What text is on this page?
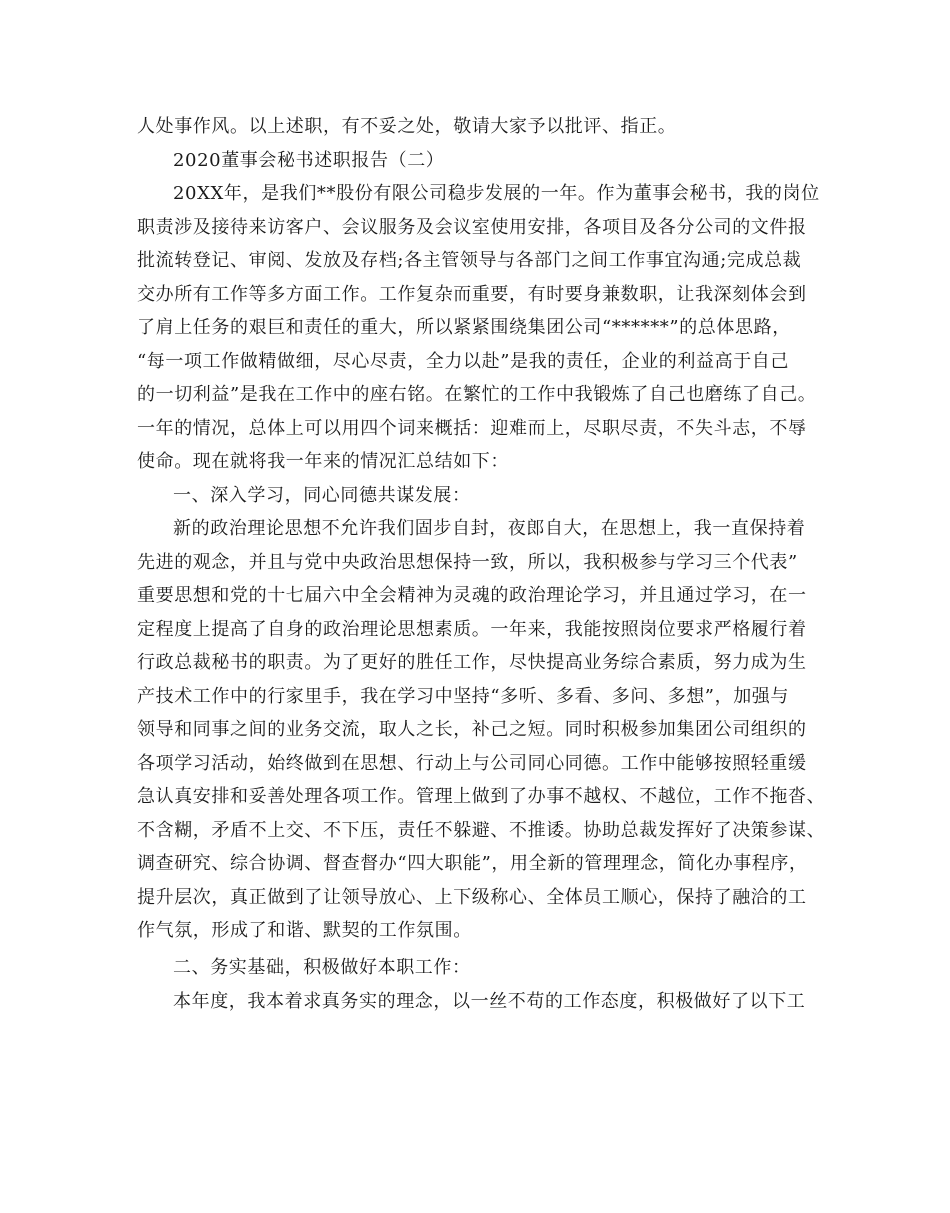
人处事作风。以上述职，有不妥之处，敬请大家予以批评、指正。
2020董事会秘书述职报告（二）
20XX年，是我们**股份有限公司稳步发展的一年。作为董事会秘书，我的岗位
职责涉及接待来访客户、会议服务及会议室使用安排，各项目及各分公司的文件报
批流转登记、审阅、发放及存档;各主管领导与各部门之间工作事宜沟通;完成总裁
交办所有工作等多方面工作。工作复杂而重要，有时要身兼数职，让我深刻体会到
了肩上任务的艰巨和责任的重大，所以紧紧围绕集团公司“******”的总体思路，
“每一项工作做精做细，尽心尽责，全力以赴”是我的责任，企业的利益高于自己
的一切利益”是我在工作中的座右铭。在繁忙的工作中我锻炼了自己也磨练了自己。
一年的情况，总体上可以用四个词来概括：迎难而上，尽职尽责，不失斗志，不辱
使命。现在就将我一年来的情况汇总结如下：
一、深入学习，同心同德共谋发展：
新的政治理论思想不允许我们固步自封，夜郎自大，在思想上，我一直保持着
先进的观念，并且与党中央政治思想保持一致，所以，我积极参与学习三个代表”
重要思想和党的十七届六中全会精神为灵魂的政治理论学习，并且通过学习，在一
定程度上提高了自身的政治理论思想素质。一年来，我能按照岗位要求严格履行着
行政总裁秘书的职责。为了更好的胜任工作，尽快提高业务综合素质，努力成为生
产技术工作中的行家里手，我在学习中坚持“多听、多看、多问、多想”，加强与
领导和同事之间的业务交流，取人之长，补己之短。同时积极参加集团公司组织的
各项学习活动，始终做到在思想、行动上与公司同心同德。工作中能够按照轻重缓
急认真安排和妥善处理各项工作。管理上做到了办事不越权、不越位，工作不拖沓、
不含糊，矛盾不上交、不下压，责任不躲避、不推诿。协助总裁发挥好了决策参谋、
调查研究、综合协调、督查督办“四大职能”，用全新的管理理念，简化办事程序，
提升层次，真正做到了让领导放心、上下级称心、全体员工顺心，保持了融洽的工
作气氛，形成了和谐、默契的工作氛围。
二、务实基础，积极做好本职工作：
本年度，我本着求真务实的理念，以一丝不苟的工作态度，积极做好了以下工
